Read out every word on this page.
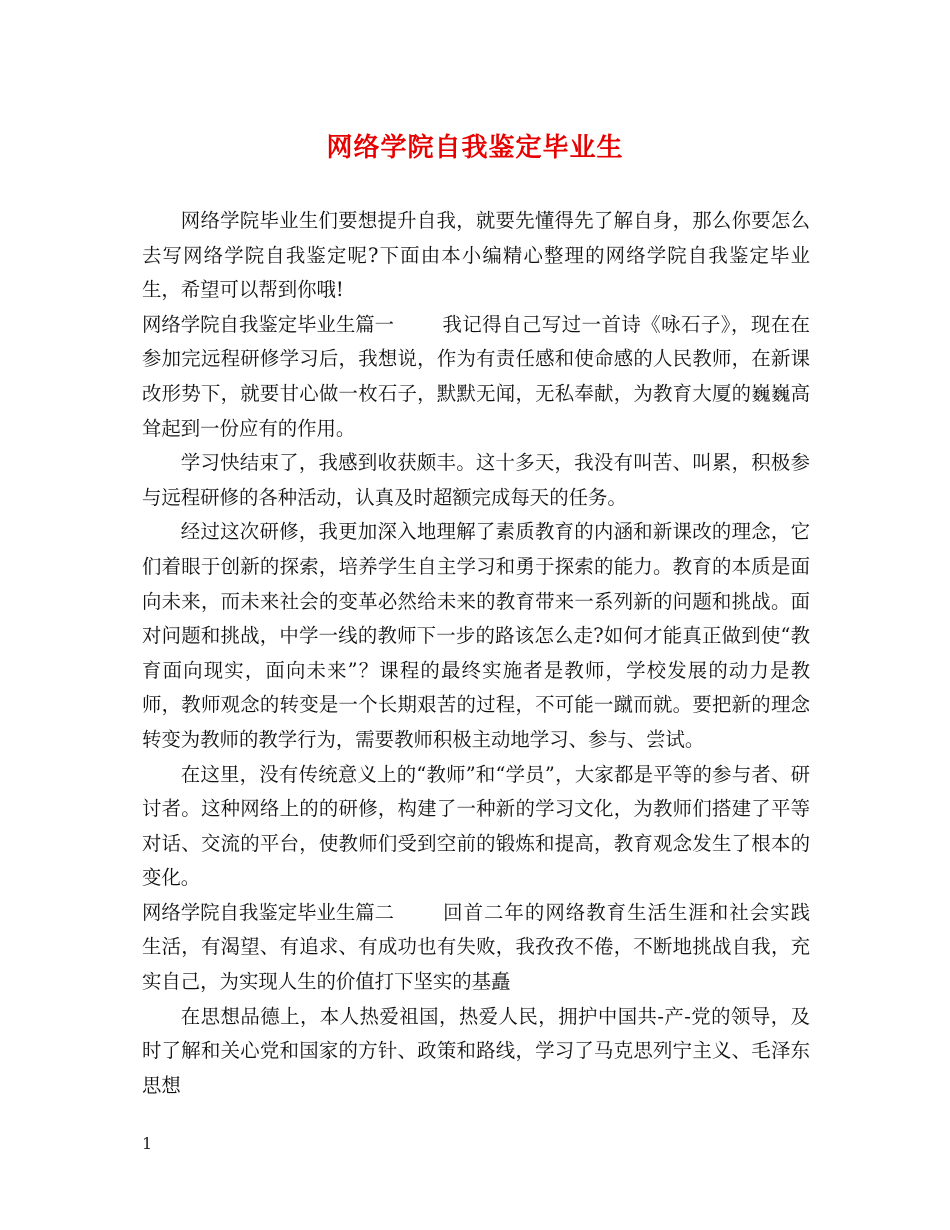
网络学院自我鉴定毕业生

网络学院毕业生们要想提升自我，就要先懂得先了解自身，那么你要怎么去写网络学院自我鉴定呢?下面由本小编精心整理的网络学院自我鉴定毕业生，希望可以帮到你哦!

网络学院自我鉴定毕业生篇一 我记得自己写过一首诗《咏石子》，现在在参加完远程研修学习后，我想说，作为有责任感和使命感的人民教师，在新课改形势下，就要甘心做一枚石子，默默无闻，无私奉献，为教育大厦的巍巍高耸起到一份应有的作用。

学习快结束了，我感到收获颇丰。这十多天，我没有叫苦、叫累，积极参与远程研修的各种活动，认真及时超额完成每天的任务。

经过这次研修，我更加深入地理解了素质教育的内涵和新课改的理念，它们着眼于创新的探索，培养学生自主学习和勇于探索的能力。教育的本质是面向未来，而未来社会的变革必然给未来的教育带来一系列新的问题和挑战。面对问题和挑战，中学一线的教师下一步的路该怎么走?如何才能真正做到使“教育面向现实，面向未来”？课程的最终实施者是教师，学校发展的动力是教师，教师观念的转变是一个长期艰苦的过程，不可能一蹴而就。要把新的理念转变为教师的教学行为，需要教师积极主动地学习、参与、尝试。

在这里，没有传统意义上的“教师”和“学员”，大家都是平等的参与者、研讨者。这种网络上的的研修，构建了一种新的学习文化，为教师们搭建了平等对话、交流的平台，使教师们受到空前的锻炼和提高，教育观念发生了根本的变化。

网络学院自我鉴定毕业生篇二 回首二年的网络教育生活生涯和社会实践生活，有渴望、有追求、有成功也有失败，我孜孜不倦，不断地挑战自我，充实自己，为实现人生的价值打下坚实的基矗

在思想品德上，本人热爱祖国，热爱人民，拥护中国共-产-党的领导，及时了解和关心党和国家的方针、政策和路线，学习了马克思列宁主义、毛泽东思想

1
